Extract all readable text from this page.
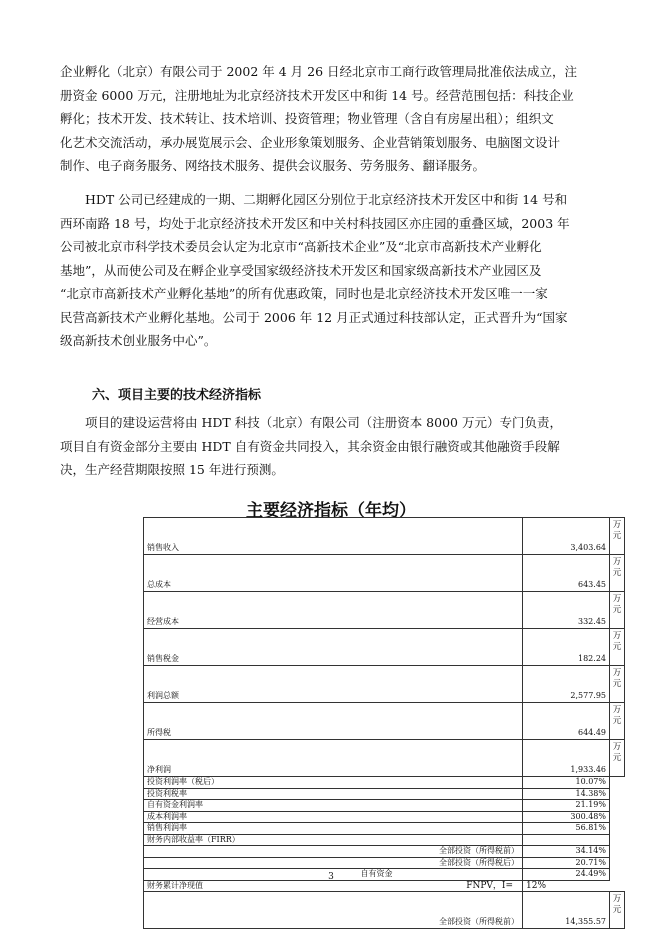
企业孵化（北京）有限公司于 2002 年 4 月 26 日经北京市工商行政管理局批准依法成立，注
册资金 6000 万元，注册地址为北京经济技术开发区中和街 14 号。经营范围包括：科技企业
孵化；技术开发、技术转让、技术培训、投资管理；物业管理（含自有房屋出租）；组织文
化艺术交流活动，承办展览展示会、企业形象策划服务、企业营销策划服务、电脑图文设计
制作、电子商务服务、网络技术服务、提供会议服务、劳务服务、翻译服务。
　　HDT 公司已经建成的一期、二期孵化园区分别位于北京经济技术开发区中和街 14 号和
西环南路 18 号，均处于北京经济技术开发区和中关村科技园区亦庄园的重叠区域，2003 年
公司被北京市科学技术委员会认定为北京市“高新技术企业”及“北京市高新技术产业孵化
基地”，从而使公司及在孵企业享受国家级经济技术开发区和国家级高新技术产业园区及
“北京市高新技术产业孵化基地”的所有优惠政策，同时也是北京经济技术开发区唯一一家
民营高新技术产业孵化基地。公司于 2006 年 12 月正式通过科技部认定，正式晋升为“国家
级高新技术创业服务中心”。
六、项目主要的技术经济指标
　　项目的建设运营将由 HDT 科技（北京）有限公司（注册资本 8000 万元）专门负责，
项目自有资金部分主要由 HDT 自有资金共同投入，其余资金由银行融资或其他融资手段解
决，生产经营期限按照 15 年进行预测。
主要经济指标（年均）
销售收入	3,403.64	万元
总成本	643.45	万元
经营成本	332.45	万元
销售税金	182.24	万元
利润总额	2,577.95	万元
所得税	644.49	万元
净利润	1,933.46	万元
投资利润率（税后）	10.07%	
投资利税率	14.38%	
自有资金利润率	21.19%	
成本利润率	300.48%	
销售利润率	56.81%	
财务内部收益率（FIRR）		
全部投资（所得税前）	34.14%	
全部投资（所得税后）	20.71%	
自有资金	24.49%	
财务累计净现值 FNPV，I=	12%	
全部投资（所得税前）	14,355.57	万元
3
